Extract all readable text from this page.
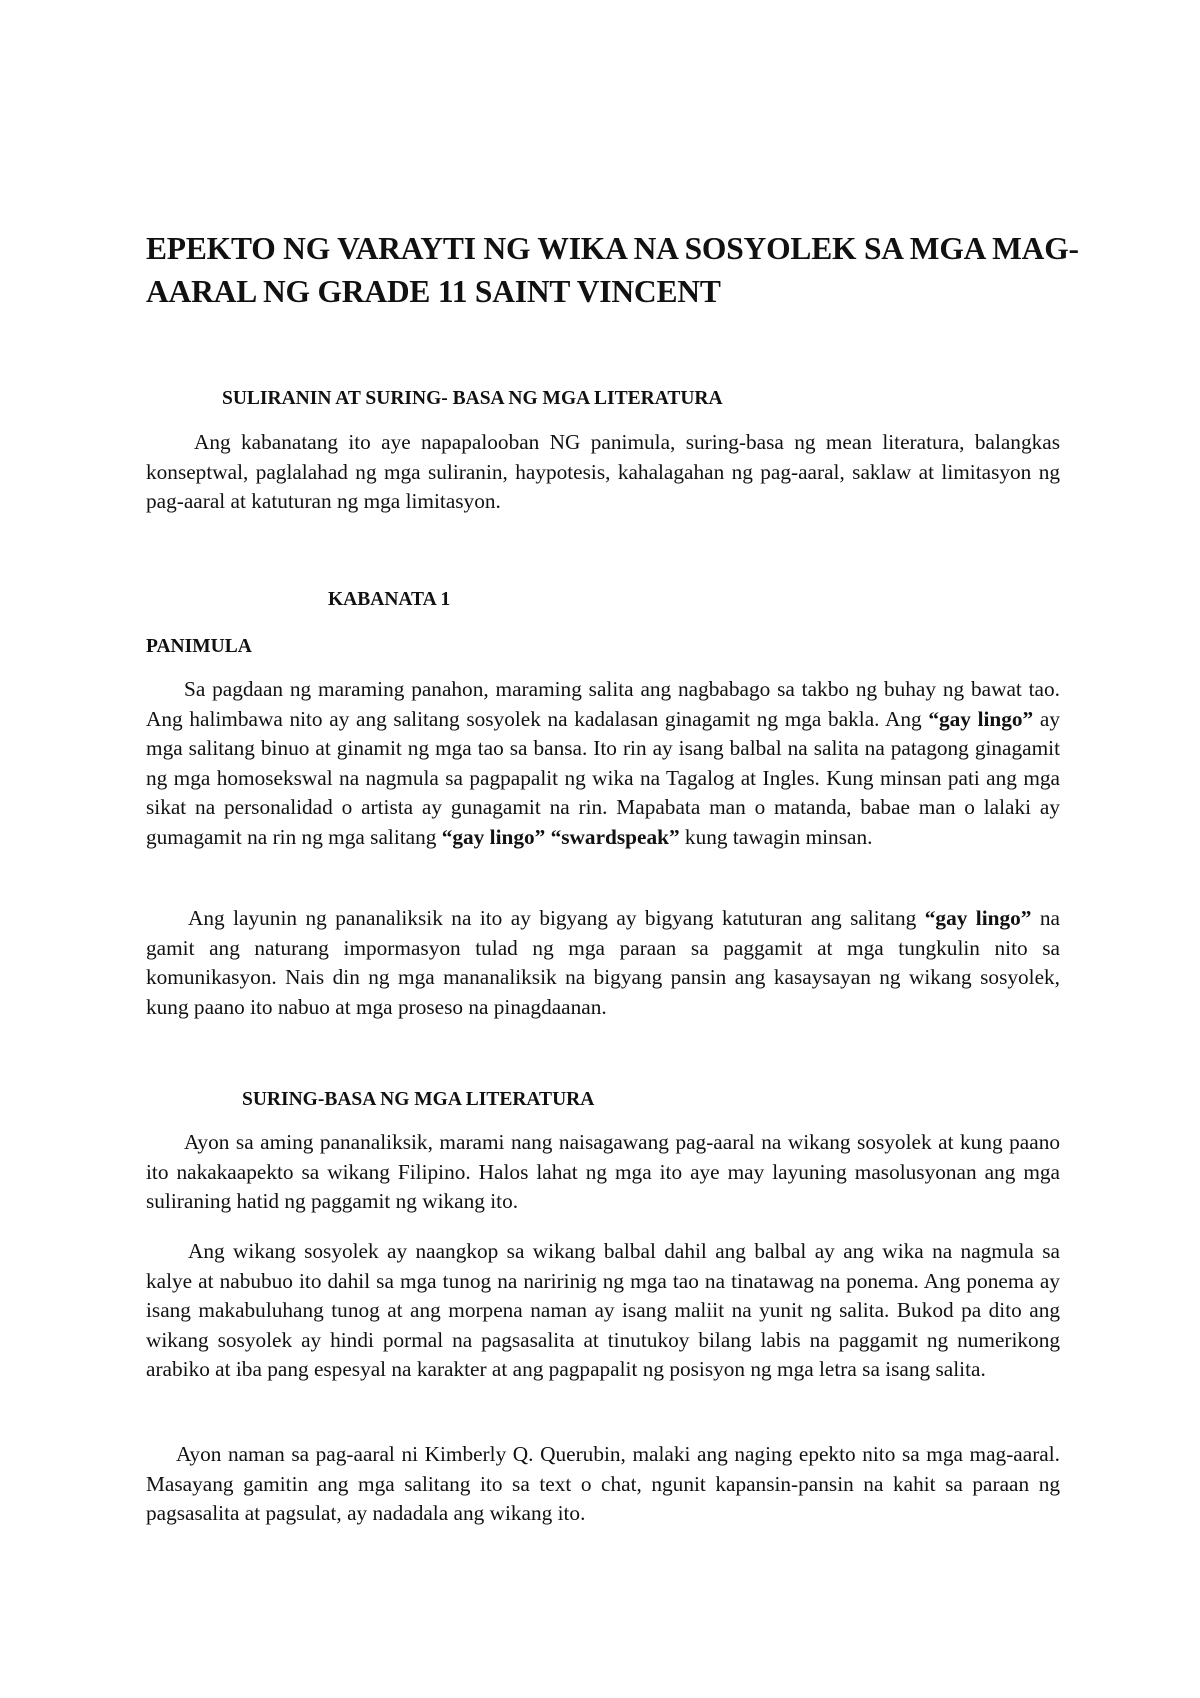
EPEKTO NG VARAYTI NG WIKA NA SOSYOLEK SA MGA MAG-AARAL NG GRADE 11 SAINT VINCENT
SULIRANIN AT SURING- BASA NG MGA LITERATURA

Ang kabanatang ito aye napapalooban NG panimula, suring-basa ng mean literatura, balangkas konseptwal, paglalahad ng mga suliranin, haypotesis, kahalagahan ng pag-aaral, saklaw at limitasyon ng pag-aaral at katuturan ng mga limitasyon.

KABANATA 1
PANIMULA

Sa pagdaan ng maraming panahon, maraming salita ang nagbabago sa takbo ng buhay ng bawat tao. Ang halimbawa nito ay ang salitang sosyolek na kadalasan ginagamit ng mga bakla. Ang “gay lingo” ay mga salitang binuo at ginamit ng mga tao sa bansa. Ito rin ay isang balbal na salita na patagong ginagamit ng mga homosekswal na nagmula sa pagpapalit ng wika na Tagalog at Ingles. Kung minsan pati ang mga sikat na personalidad o artista ay gunagamit na rin. Mapabata man o matanda, babae man o lalaki ay gumagamit na rin ng mga salitang “gay lingo” “swardspeak” kung tawagin minsan.

Ang layunin ng pananaliksik na ito ay bigyang ay bigyang katuturan ang salitang “gay lingo” na gamit ang naturang impormasyon tulad ng mga paraan sa paggamit at mga tungkulin nito sa komunikasyon. Nais din ng mga mananaliksik na bigyang pansin ang kasaysayan ng wikang sosyolek, kung paano ito nabuo at mga proseso na pinagdaanan.

SURING-BASA NG MGA LITERATURA

Ayon sa aming pananaliksik, marami nang naisagawang pag-aaral na wikang sosyolek at kung paano ito nakakaapekto sa wikang Filipino. Halos lahat ng mga ito aye may layuning masolusyonan ang mga suliraning hatid ng paggamit ng wikang ito.

Ang wikang sosyolek ay naangkop sa wikang balbal dahil ang balbal ay ang wika na nagmula sa kalye at nabubuo ito dahil sa mga tunog na naririnig ng mga tao na tinatawag na ponema. Ang ponema ay isang makabuluhang tunog at ang morpena naman ay isang maliit na yunit ng salita. Bukod pa dito ang wikang sosyolek ay hindi pormal na pagsasalita at tinutukoy bilang labis na paggamit ng numerikong arabiko at iba pang espesyal na karakter at ang pagpapalit ng posisyon ng mga letra sa isang salita.

Ayon naman sa pag-aaral ni Kimberly Q. Querubin, malaki ang naging epekto nito sa mga mag-aaral. Masayang gamitin ang mga salitang ito sa text o chat, ngunit kapansin-pansin na kahit sa paraan ng pagsasalita at pagsulat, ay nadadala ang wikang ito.
